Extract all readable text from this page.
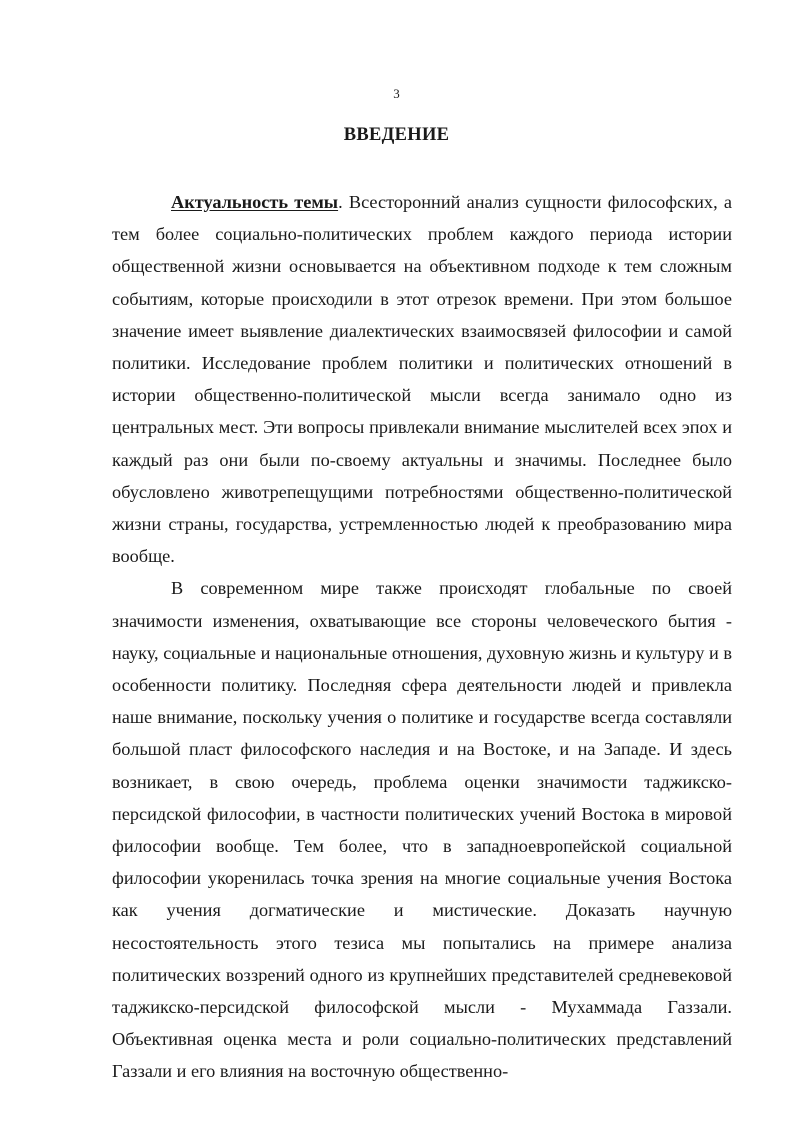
3
ВВЕДЕНИЕ

Актуальность темы. Всесторонний анализ сущности философских, а тем более социально-политических проблем каждого периода истории общественной жизни основывается на объективном подходе к тем сложным событиям, которые происходили в этот отрезок времени. При этом большое значение имеет выявление диалектических взаимосвязей философии и самой политики. Исследование проблем политики и политических отношений в истории общественно-политической мысли всегда занимало одно из центральных мест. Эти вопросы привлекали внимание мыслителей всех эпох и каждый раз они были по-своему актуальны и значимы. Последнее было обусловлено животрепещущими потребностями общественно-политической жизни страны, государства, устремленностью людей к преобразованию мира вообще.

В современном мире также происходят глобальные по своей значимости изменения, охватывающие все стороны человеческого бытия - науку, социальные и национальные отношения, духовную жизнь и культуру и в особенности политику. Последняя сфера деятельности людей и привлекла наше внимание, поскольку учения о политике и государстве всегда составляли большой пласт философского наследия и на Востоке, и на Западе. И здесь возникает, в свою очередь, проблема оценки значимости таджикско-персидской философии, в частности политических учений Востока в мировой философии вообще. Тем более, что в западноевропейской социальной философии укоренилась точка зрения на многие социальные учения Востока как учения догматические и мистические. Доказать научную несостоятельность этого тезиса мы попытались на примере анализа политических воззрений одного из крупнейших представителей средневековой таджикско-персидской философской мысли - Мухаммада Газзали. Объективная оценка места и роли социально-политических представлений Газзали и его влияния на восточную общественно-
